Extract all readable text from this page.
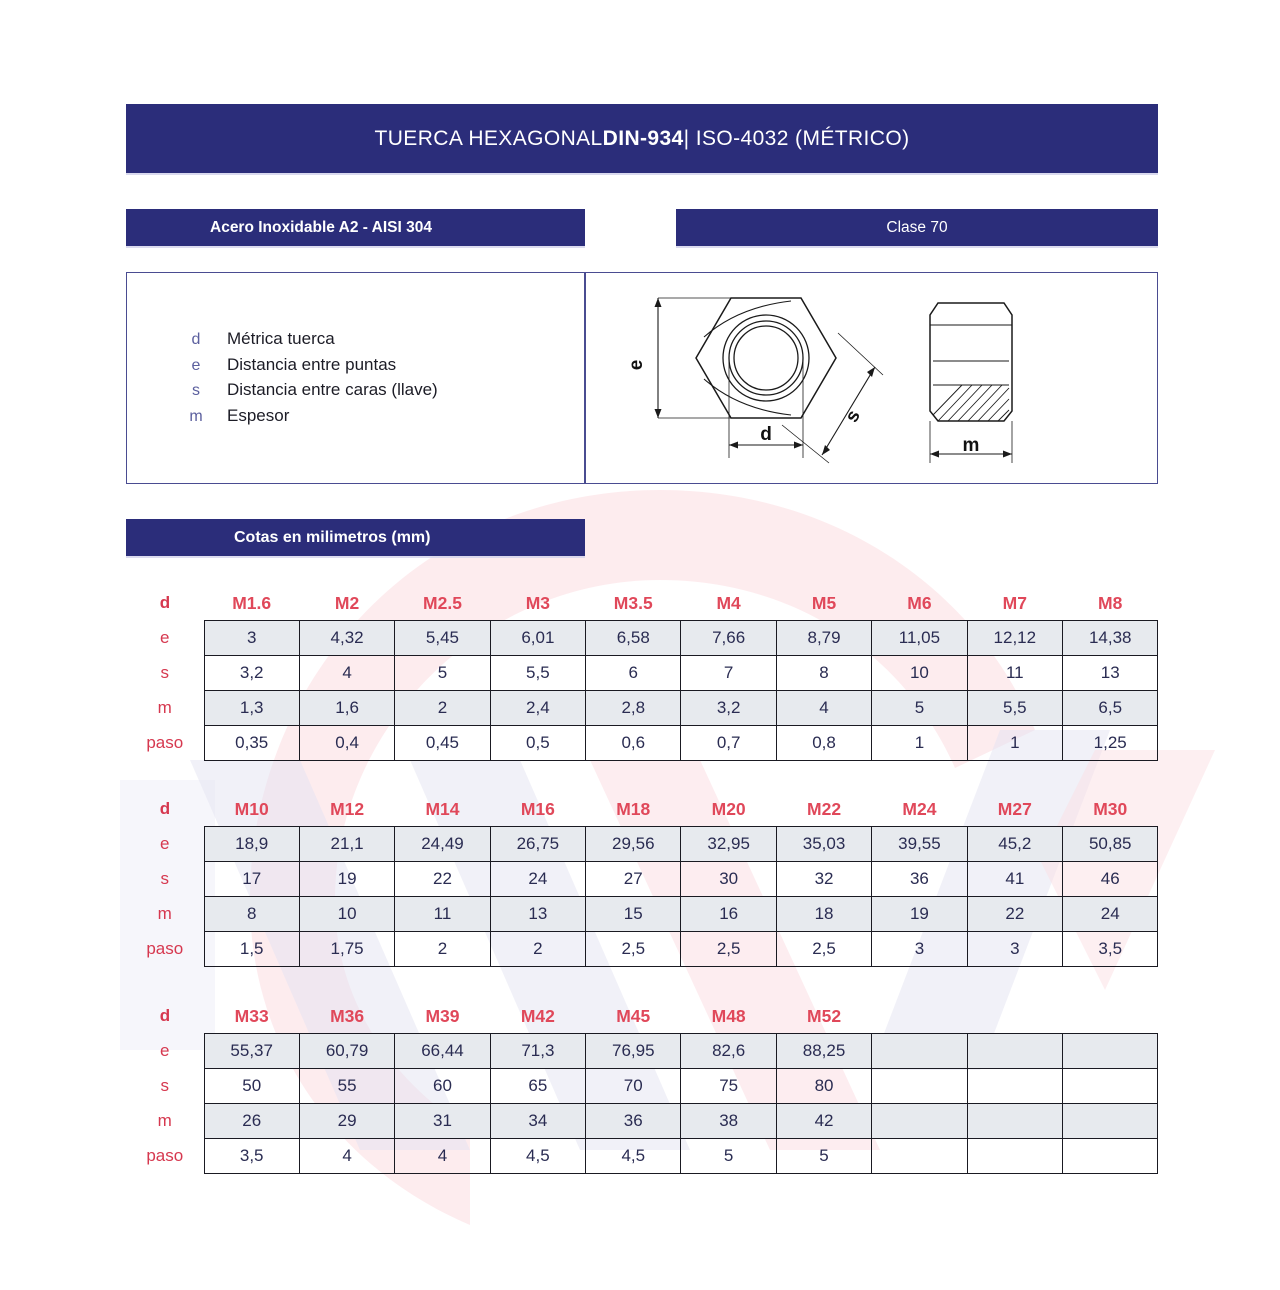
TUERCA HEXAGONAL DIN-934 | ISO-4032 (MÉTRICO)
Acero Inoxidable A2 - AISI 304	Clase 70
d	Métrica tuerca
e	Distancia entre puntas
s	Distancia entre caras (llave)
m	Espesor
e
d
s
m
Cotas en milimetros (mm)
d	M1.6	M2	M2.5	M3	M3.5	M4	M5	M6	M7	M8
e	3	4,32	5,45	6,01	6,58	7,66	8,79	11,05	12,12	14,38
s	3,2	4	5	5,5	6	7	8	10	11	13
m	1,3	1,6	2	2,4	2,8	3,2	4	5	5,5	6,5
paso	0,35	0,4	0,45	0,5	0,6	0,7	0,8	1	1	1,25
d	M10	M12	M14	M16	M18	M20	M22	M24	M27	M30
e	18,9	21,1	24,49	26,75	29,56	32,95	35,03	39,55	45,2	50,85
s	17	19	22	24	27	30	32	36	41	46
m	8	10	11	13	15	16	18	19	22	24
paso	1,5	1,75	2	2	2,5	2,5	2,5	3	3	3,5
d	M33	M36	M39	M42	M45	M48	M52			
e	55,37	60,79	66,44	71,3	76,95	82,6	88,25			
s	50	55	60	65	70	75	80			
m	26	29	31	34	36	38	42			
paso	3,5	4	4	4,5	4,5	5	5			
